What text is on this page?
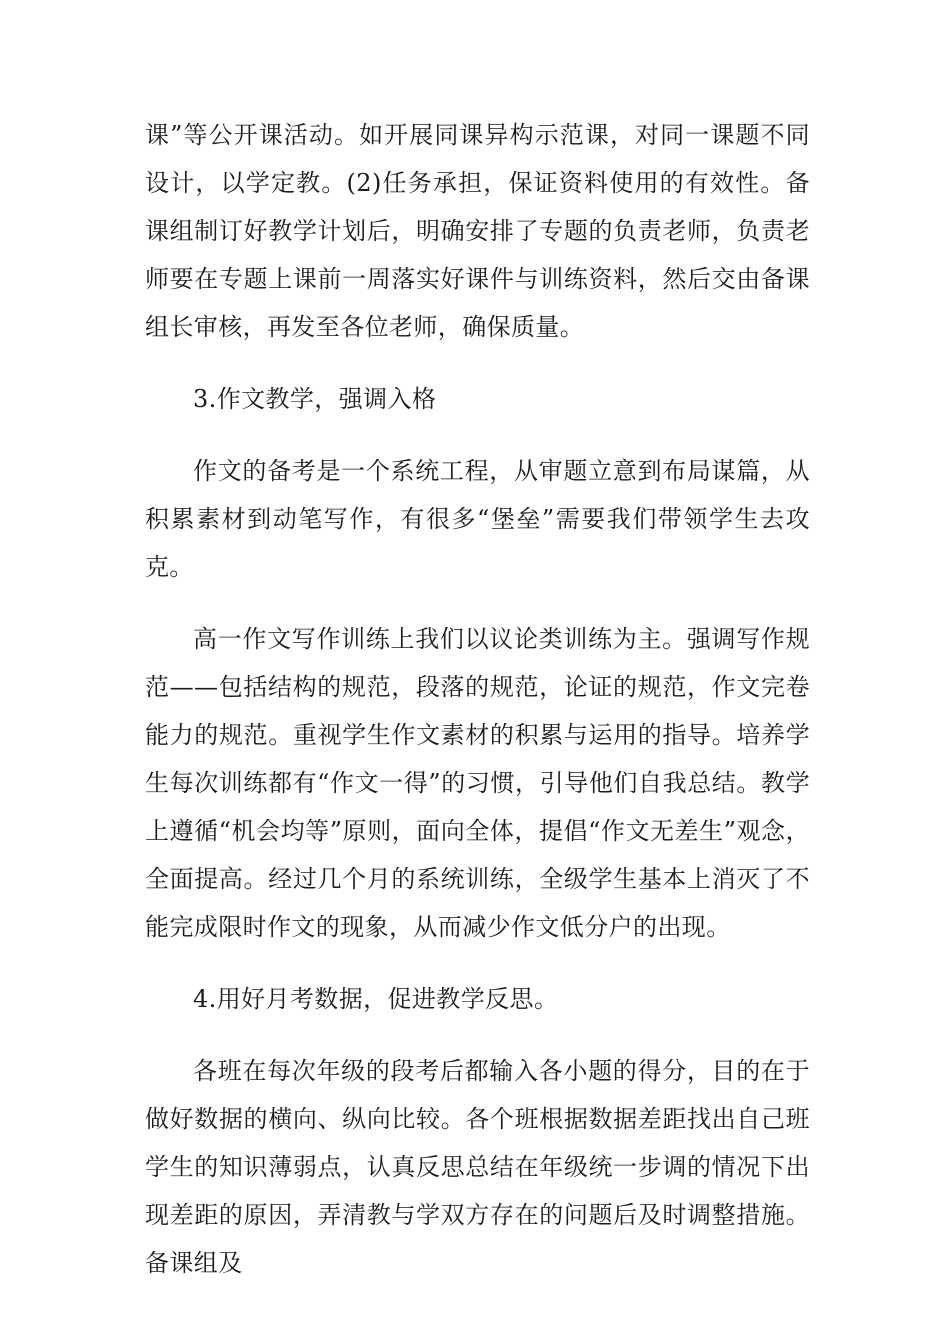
课”等公开课活动。如开展同课异构示范课，对同一课题不同设计，以学定教。(2)任务承担，保证资料使用的有效性。备课组制订好教学计划后，明确安排了专题的负责老师，负责老师要在专题上课前一周落实好课件与训练资料，然后交由备课组长审核，再发至各位老师，确保质量。

3.作文教学，强调入格

作文的备考是一个系统工程，从审题立意到布局谋篇，从积累素材到动笔写作，有很多“堡垒”需要我们带领学生去攻克。

高一作文写作训练上我们以议论类训练为主。强调写作规范——包括结构的规范，段落的规范，论证的规范，作文完卷能力的规范。重视学生作文素材的积累与运用的指导。培养学生每次训练都有“作文一得”的习惯，引导他们自我总结。教学上遵循“机会均等”原则，面向全体，提倡“作文无差生”观念，全面提高。经过几个月的系统训练，全级学生基本上消灭了不能完成限时作文的现象，从而减少作文低分户的出现。

4.用好月考数据，促进教学反思。

各班在每次年级的段考后都输入各小题的得分，目的在于做好数据的横向、纵向比较。各个班根据数据差距找出自己班学生的知识薄弱点，认真反思总结在年级统一步调的情况下出现差距的原因，弄清教与学双方存在的问题后及时调整措施。备课组及
